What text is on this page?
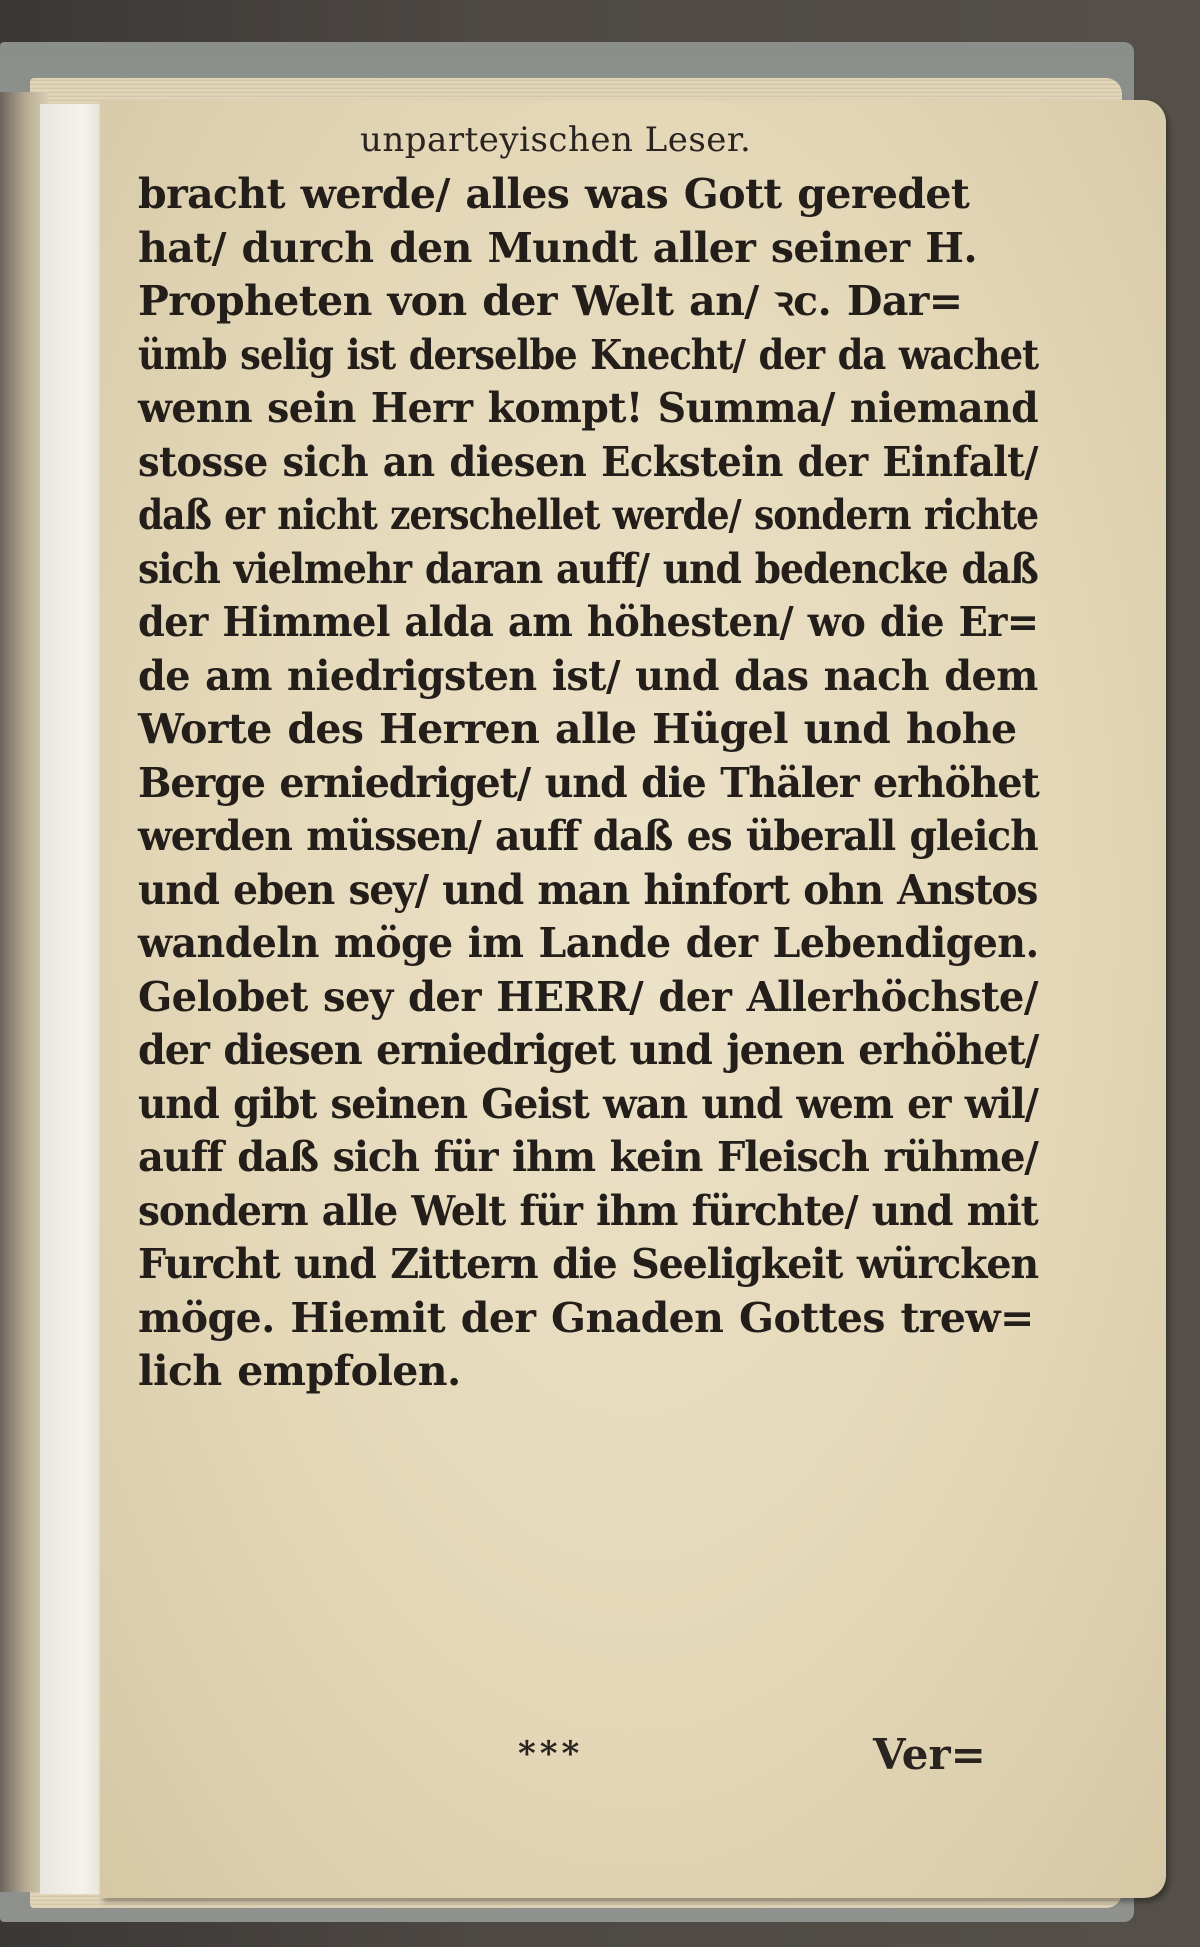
unparteyischen Leser.
bracht werde/ alles was Gott geredet
hat/ durch den Mundt aller seiner H.
Propheten von der Welt an/ ꝛc. Dar=
ümb selig ist derselbe Knecht/ der da wachet
wenn sein Herr kompt! Summa/ niemand
stosse sich an diesen Eckstein der Einfalt/
daß er nicht zerschellet werde/ sondern richte
sich vielmehr daran auff/ und bedencke daß
der Himmel alda am höhesten/ wo die Er=
de am niedrigsten ist/ und das nach dem
Worte des Herren alle Hügel und hohe
Berge erniedriget/ und die Thäler erhöhet
werden müssen/ auff daß es überall gleich
und eben sey/ und man hinfort ohn Anstos
wandeln möge im Lande der Lebendigen.
Gelobet sey der HERR/ der Allerhöchste/
der diesen erniedriget und jenen erhöhet/
und gibt seinen Geist wan und wem er wil/
auff daß sich für ihm kein Fleisch rühme/
sondern alle Welt für ihm fürchte/ und mit
Furcht und Zittern die Seeligkeit würcken
möge. Hiemit der Gnaden Gottes trew=
lich empfolen.
***	Ver=
